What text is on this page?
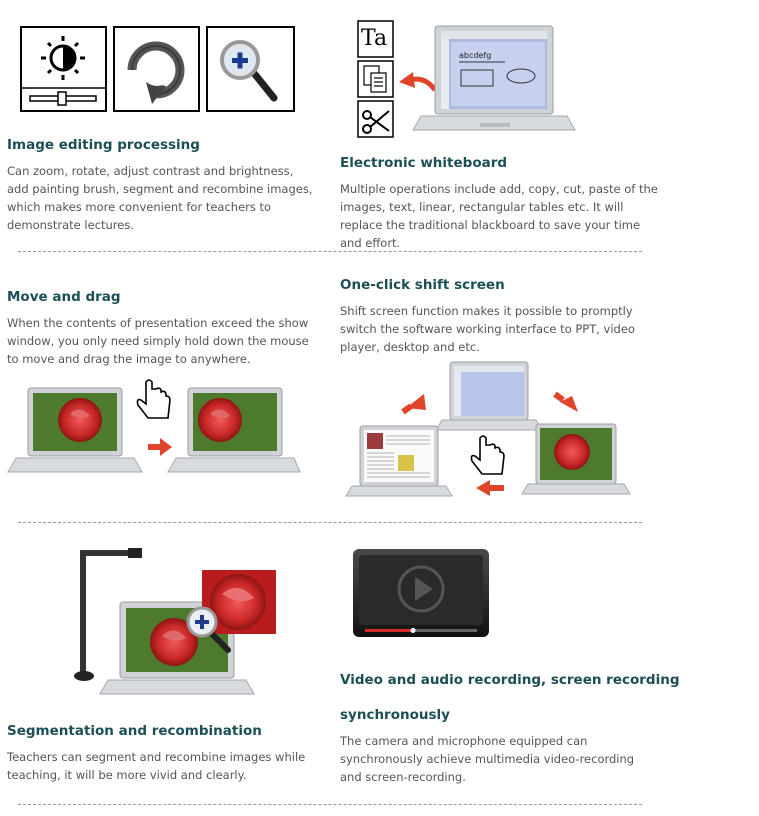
Image editing processing
Can zoom, rotate, adjust contrast and brightness, add painting brush, segment and recombine images, which makes more convenient for teachers to demonstrate lectures.
abcdefg
Ta
Electronic whiteboard
Multiple operations include add, copy, cut, paste of the images, text, linear, rectangular tables etc. It will replace the traditional blackboard to save your time and effort.
Move and drag
When the contents of presentation exceed the show window, you only need simply hold down the mouse to move and drag the image to anywhere.
One-click shift screen
Shift screen function makes it possible to promptly switch the software working interface to PPT, video player, desktop and etc.
Segmentation and recombination
Teachers can segment and recombine images while teaching, it will be more vivid and clearly.
Video and audio recording, screen recording
synchronously
The camera and microphone equipped can synchronously achieve multimedia video-recording and screen-recording.
